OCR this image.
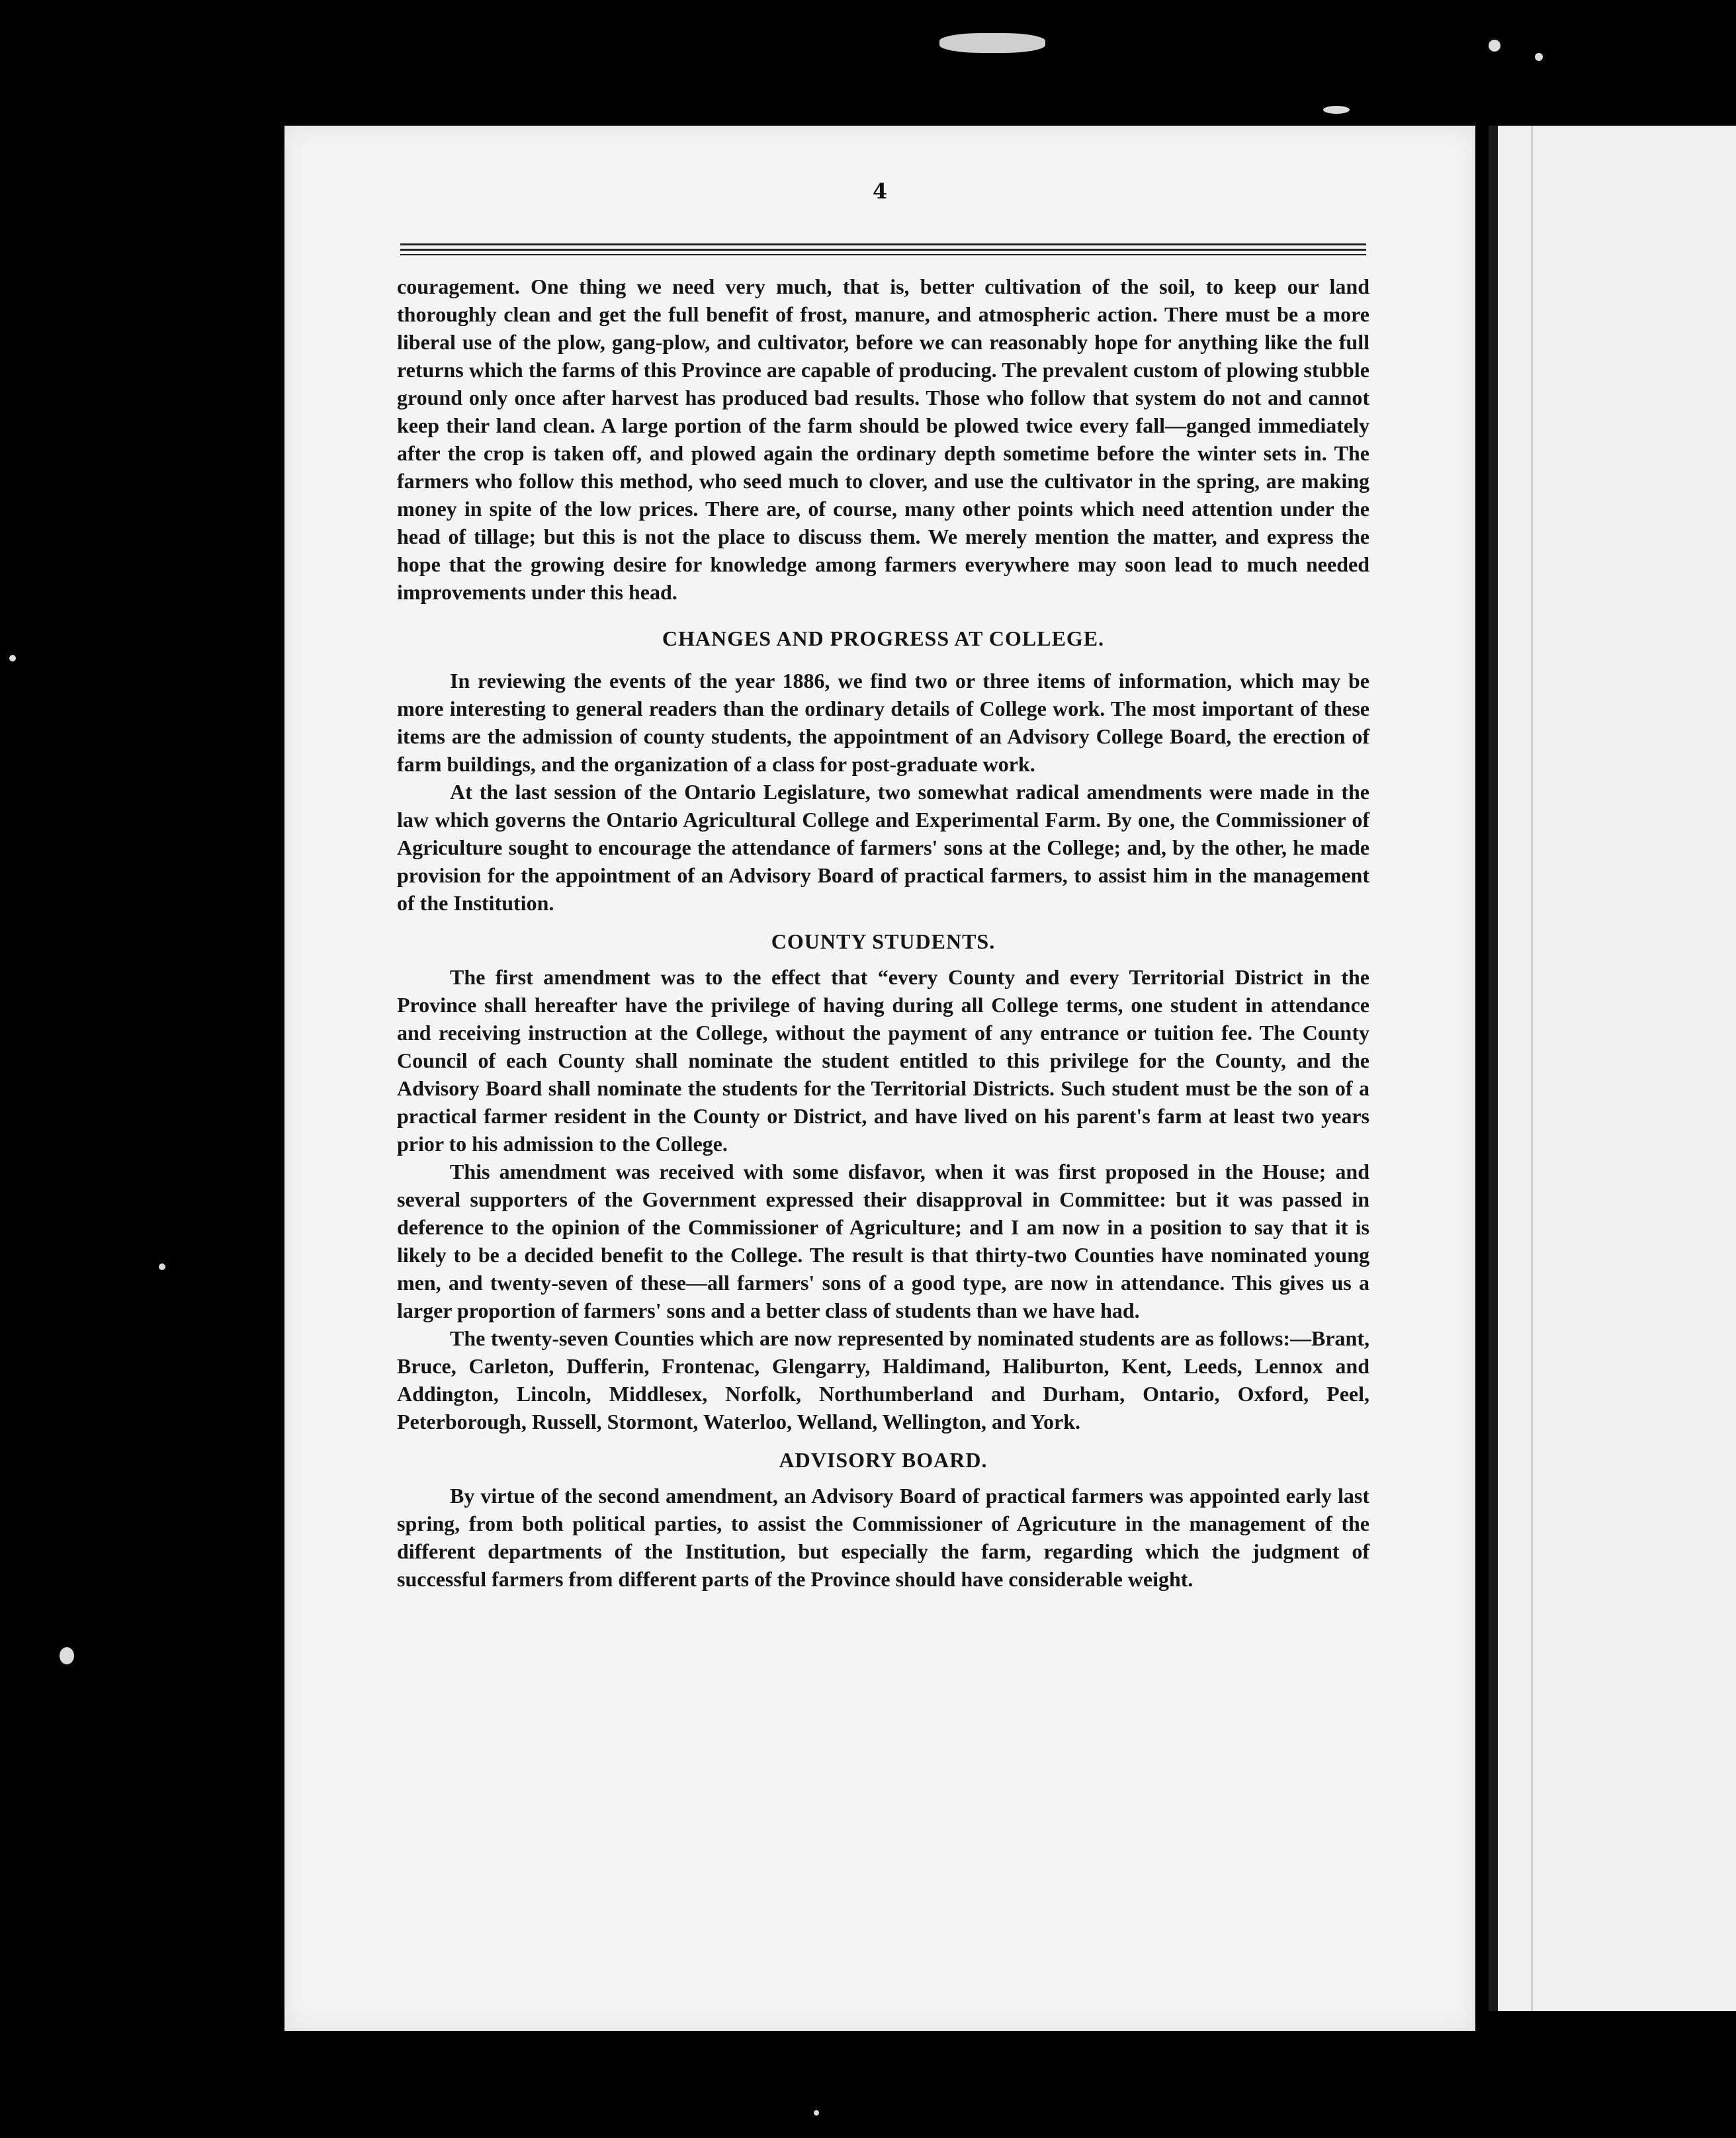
4

couragement. One thing we need very much, that is, better cultivation of the soil, to keep our land thoroughly clean and get the full benefit of frost, manure, and atmospheric action. There must be a more liberal use of the plow, gang-plow, and cultivator, before we can reasonably hope for anything like the full returns which the farms of this Province are capable of producing. The prevalent custom of plowing stubble ground only once after harvest has produced bad results. Those who follow that system do not and cannot keep their land clean. A large portion of the farm should be plowed twice every fall—ganged immediately after the crop is taken off, and plowed again the ordinary depth sometime before the winter sets in. The farmers who follow this method, who seed much to clover, and use the cultivator in the spring, are making money in spite of the low prices. There are, of course, many other points which need attention under the head of tillage; but this is not the place to discuss them. We merely mention the matter, and express the hope that the growing desire for knowledge among farmers everywhere may soon lead to much needed improvements under this head.

CHANGES AND PROGRESS AT COLLEGE.

In reviewing the events of the year 1886, we find two or three items of information, which may be more interesting to general readers than the ordinary details of College work. The most important of these items are the admission of county students, the appointment of an Advisory College Board, the erection of farm buildings, and the organization of a class for post-graduate work.

At the last session of the Ontario Legislature, two somewhat radical amendments were made in the law which governs the Ontario Agricultural College and Experimental Farm. By one, the Commissioner of Agriculture sought to encourage the attendance of farmers' sons at the College; and, by the other, he made provision for the appointment of an Advisory Board of practical farmers, to assist him in the management of the Institution.

COUNTY STUDENTS.

The first amendment was to the effect that “every County and every Territorial District in the Province shall hereafter have the privilege of having during all College terms, one student in attendance and receiving instruction at the College, without the payment of any entrance or tuition fee. The County Council of each County shall nominate the student entitled to this privilege for the County, and the Advisory Board shall nominate the students for the Territorial Districts. Such student must be the son of a practical farmer resident in the County or District, and have lived on his parent's farm at least two years prior to his admission to the College.

This amendment was received with some disfavor, when it was first proposed in the House; and several supporters of the Government expressed their disapproval in Committee: but it was passed in deference to the opinion of the Commissioner of Agriculture; and I am now in a position to say that it is likely to be a decided benefit to the College. The result is that thirty-two Counties have nominated young men, and twenty-seven of these—all farmers' sons of a good type, are now in attendance. This gives us a larger proportion of farmers' sons and a better class of students than we have had.

The twenty-seven Counties which are now represented by nominated students are as follows:—Brant, Bruce, Carleton, Dufferin, Frontenac, Glengarry, Haldimand, Haliburton, Kent, Leeds, Lennox and Addington, Lincoln, Middlesex, Norfolk, Northumberland and Durham, Ontario, Oxford, Peel, Peterborough, Russell, Stormont, Waterloo, Welland, Wellington, and York.

ADVISORY BOARD.

By virtue of the second amendment, an Advisory Board of practical farmers was appointed early last spring, from both political parties, to assist the Commissioner of Agricuture in the management of the different departments of the Institution, but especially the farm, regarding which the judgment of successful farmers from different parts of the Province should have considerable weight.
